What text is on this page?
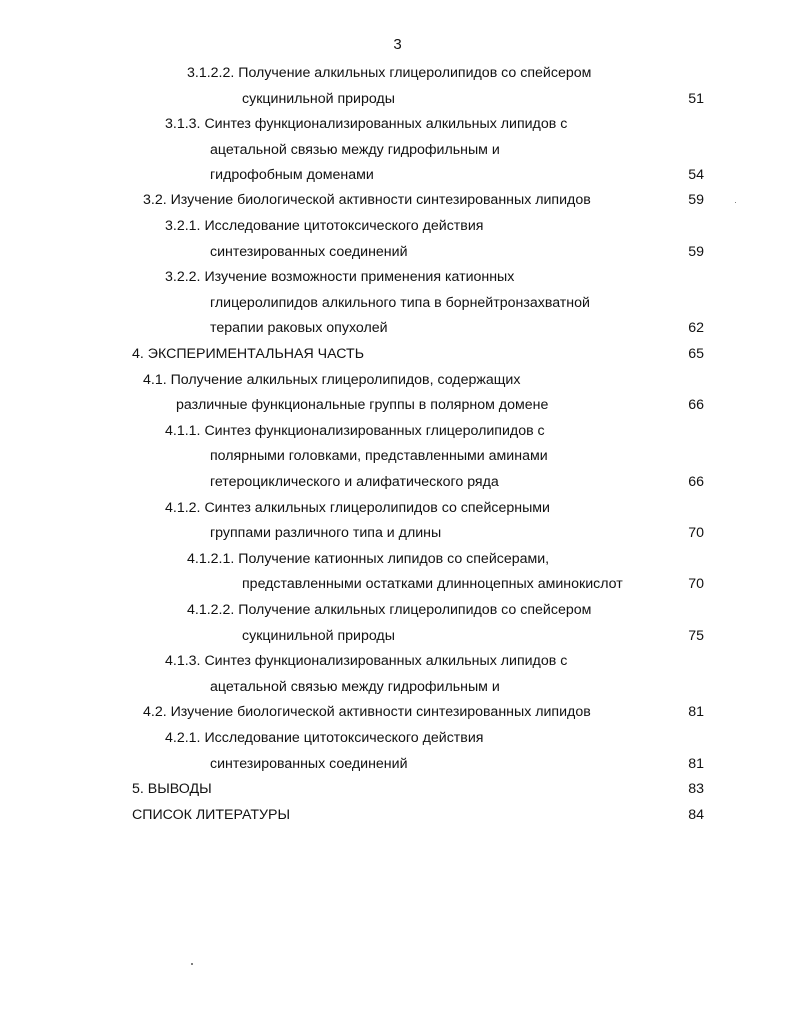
3
3.1.2.2. Получение алкильных глицеролипидов со спейсером
сукцинильной природы	51
3.1.3. Синтез функционализированных алкильных липидов с
ацетальной связью между гидрофильным и
гидрофобным доменами	54
3.2. Изучение биологической активности синтезированных липидов	59
3.2.1. Исследование цитотоксического действия
синтезированных соединений	59
3.2.2. Изучение возможности применения катионных
глицеролипидов алкильного типа в борнейтронзахватной
терапии раковых опухолей	62
4. ЭКСПЕРИМЕНТАЛЬНАЯ ЧАСТЬ	65
4.1. Получение алкильных глицеролипидов, содержащих
различные функциональные группы в полярном домене	66
4.1.1. Синтез функционализированных глицеролипидов с
полярными головками, представленными аминами
гетероциклического и алифатического ряда	66
4.1.2. Синтез алкильных глицеролипидов со спейсерными
группами различного типа и длины	70
4.1.2.1. Получение катионных липидов со спейсерами,
представленными остатками длинноцепных аминокислот	70
4.1.2.2. Получение алкильных глицеролипидов со спейсером
сукцинильной природы	75
4.1.3. Синтез функционализированных алкильных липидов с
ацетальной связью между гидрофильным и
4.2. Изучение биологической активности синтезированных липидов	81
4.2.1. Исследование цитотоксического действия
синтезированных соединений	81
5. ВЫВОДЫ	83
СПИСОК ЛИТЕРАТУРЫ	84
